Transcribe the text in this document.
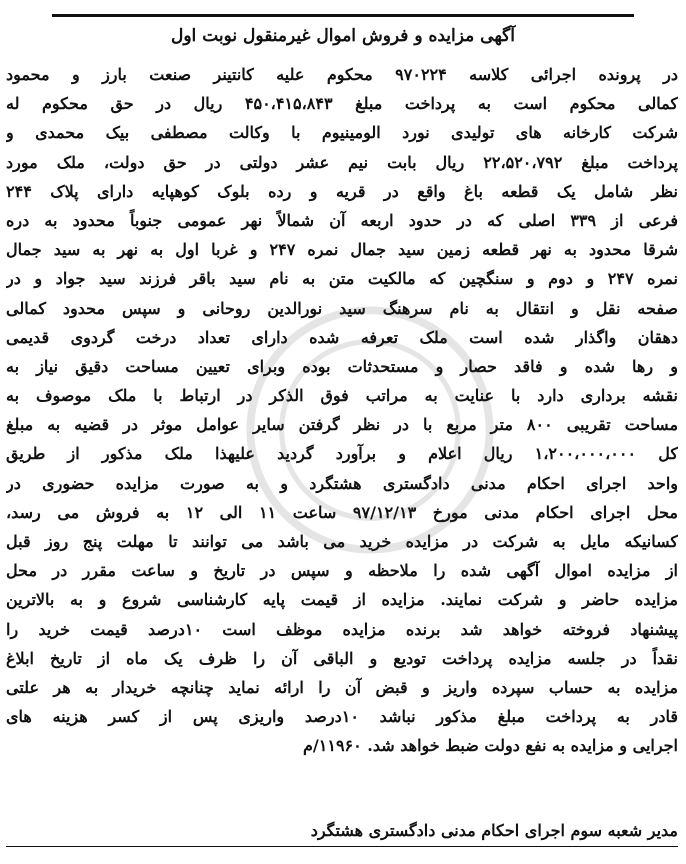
آگهی مزایده و فروش اموال غیرمنقول نوبت اول
در پرونده اجرائی کلاسه ۹۷۰۲۲۴ محکوم علیه کانتینر صنعت بارز و محمود
کمالی محکوم است به پرداخت مبلغ ۴۵۰،۴۱۵،۸۴۳ ریال در حق محکوم له
شرکت کارخانه های تولیدی نورد الومینیوم با وکالت مصطفی بیک محمدی و
پرداخت مبلغ ۲۲،۵۲۰،۷۹۲ ریال بابت نیم عشر دولتی در حق دولت، ملک مورد
نظر شامل یک قطعه باغ واقع در قریه و رده بلوک کوهپایه دارای پلاک ۲۴۴
فرعی از ۳۳۹ اصلی که در حدود اربعه آن شمالاً نهر عمومی جنوباً محدود به دره
شرقا محدود به نهر قطعه زمین سید جمال نمره ۲۴۷ و غربا اول به نهر به سید جمال
نمره ۲۴۷ و دوم و سنگچین که مالکیت متن به نام سید باقر فرزند سید جواد و در
صفحه نقل و انتقال به نام سرهنگ سید نورالدین روحانی و سپس محدود کمالی
دهقان واگذار شده است ملک تعرفه شده دارای تعداد درخت گردوی قدیمی
و رها شده و فاقد حصار و مستحدثات بوده وبرای تعیین مساحت دقیق نیاز به
نقشه برداری دارد با عنایت به مراتب فوق الذکر در ارتباط با ملک موصوف به
مساحت تقریبی ۸۰۰ متر مربع با در نظر گرفتن سایر عوامل موثر در قضیه به مبلغ
کل ۱،۲۰۰،۰۰۰،۰۰۰ ریال اعلام و برآورد گردید علیهذا ملک مذکور از طریق
واحد اجرای احکام مدنی دادگستری هشتگرد و به صورت مزایده حضوری در
محل اجرای احکام مدنی مورخ ۹۷/۱۲/۱۳ ساعت ۱۱ الی ۱۲ به فروش می رسد،
کسانیکه مایل به شرکت در مزایده خرید می باشد می توانند تا مهلت پنج روز قبل
از مزایده اموال آگهی شده را ملاحظه و سپس در تاریخ و ساعت مقرر در محل
مزایده حاضر و شرکت نمایند. مزایده از قیمت پایه کارشناسی شروع و به بالاترین
پیشنهاد فروخته خواهد شد برنده مزایده موظف است ۱۰درصد قیمت خرید را
نقداً در جلسه مزایده پرداخت تودیع و الباقی آن را ظرف یک ماه از تاریخ ابلاغ
مزایده به حساب سپرده واریز و قبض آن را ارائه نماید چنانچه خریدار به هر علتی
قادر به پرداخت مبلغ مذکور نباشد ۱۰درصد واریزی پس از کسر هزینه های
اجرایی و مزایده به نفع دولت ضبط خواهد شد. ۱۱۹۶۰/م
مدیر شعبه سوم اجرای احکام مدنی دادگستری هشتگرد
